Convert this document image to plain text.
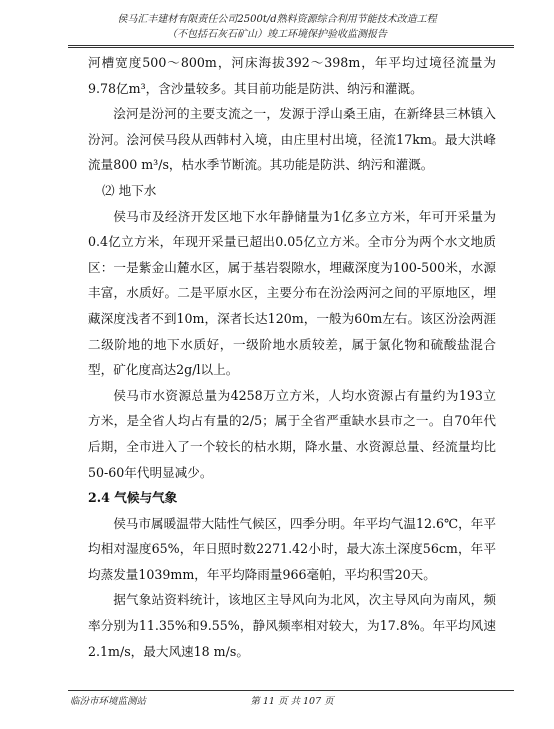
侯马汇丰建材有限责任公司2500t/d熟料资源综合利用节能技术改造工程
（不包括石灰石矿山）竣工环境保护验收监测报告

河槽宽度500～800m，河床海拔392～398m，年平均过境径流量为9.78亿m³，含沙量较多。其目前功能是防洪、纳污和灌溉。

浍河是汾河的主要支流之一，发源于浮山桑王庙，在新绛县三林镇入汾河。浍河侯马段从西韩村入境，由庄里村出境，径流17km。最大洪峰流量800 m³/s，枯水季节断流。其功能是防洪、纳污和灌溉。

⑵ 地下水

侯马市及经济开发区地下水年静储量为1亿多立方米，年可开采量为0.4亿立方米，年现开采量已超出0.05亿立方米。全市分为两个水文地质区：一是紫金山麓水区，属于基岩裂隙水，埋藏深度为100-500米，水源丰富，水质好。二是平原水区，主要分布在汾浍两河之间的平原地区，埋藏深度浅者不到10m，深者长达120m，一般为60m左右。该区汾浍两涯二级阶地的地下水质好，一级阶地水质较差，属于氯化物和硫酸盐混合型，矿化度高达2g/l以上。

侯马市水资源总量为4258万立方米，人均水资源占有量约为193立方米，是全省人均占有量的2/5；属于全省严重缺水县市之一。自70年代后期，全市进入了一个较长的枯水期，降水量、水资源总量、经流量均比50-60年代明显减少。

2.4 气候与气象

侯马市属暖温带大陆性气候区，四季分明。年平均气温12.6℃，年平均相对湿度65%，年日照时数2271.42小时，最大冻土深度56cm，年平均蒸发量1039mm，年平均降雨量966毫帕，平均积雪20天。

据气象站资料统计，该地区主导风向为北风，次主导风向为南风，频率分别为11.35%和9.55%，静风频率相对较大，为17.8%。年平均风速2.1m/s，最大风速18 m/s。

临汾市环境监测站	第 11 页 共 107 页
